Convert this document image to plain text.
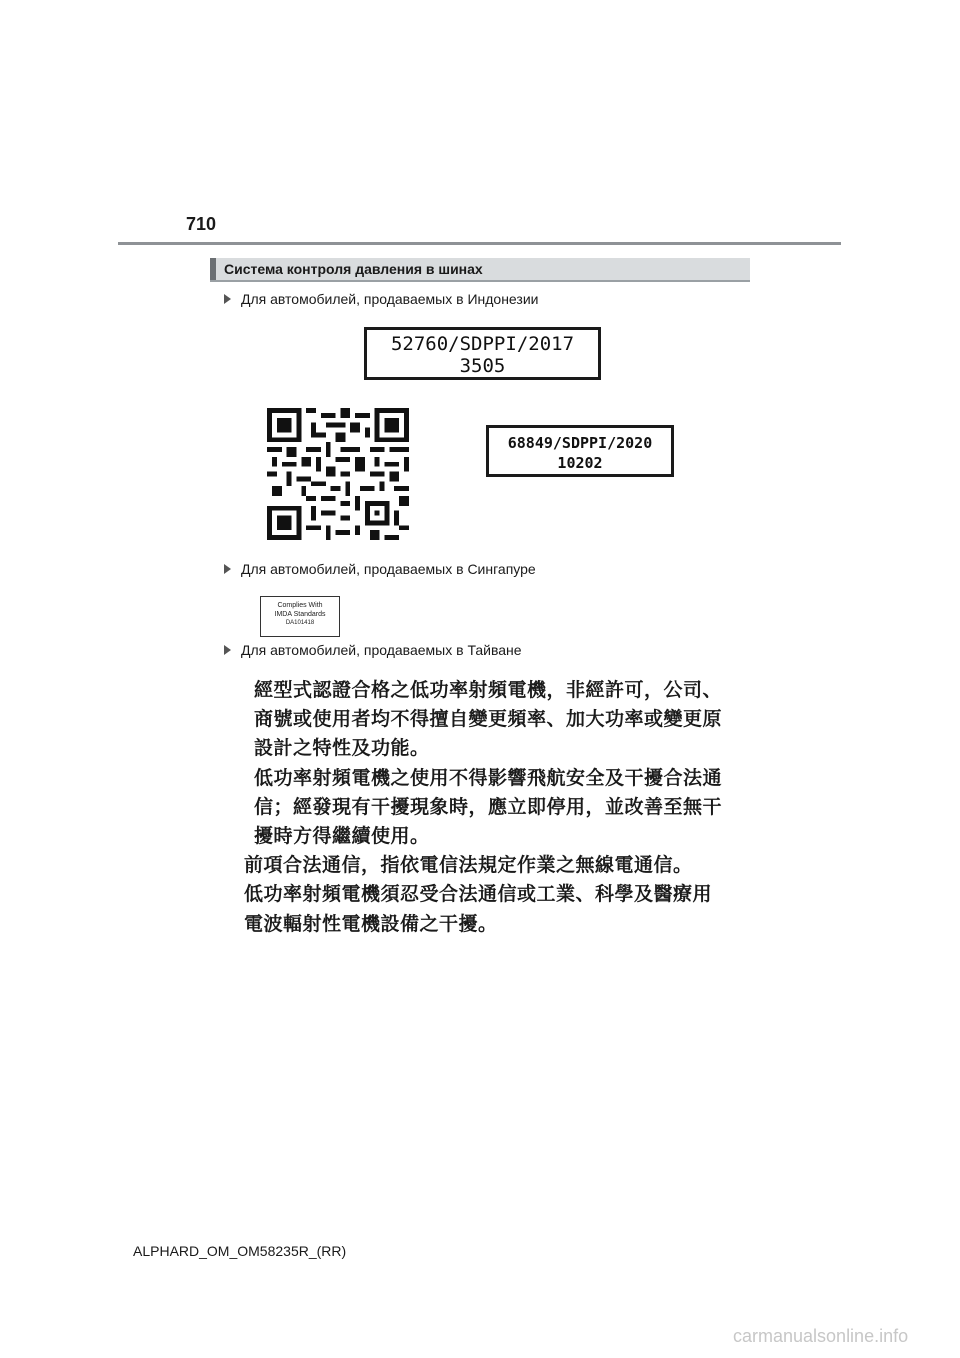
710
Система контроля давления в шинах
Для автомобилей, продаваемых в Индонезии
52760/SDPPI/2017
3505
68849/SDPPI/2020
10202
Для автомобилей, продаваемых в Сингапуре
Complies With
IMDA Standards
DA101418
Для автомобилей, продаваемых в Тайване

經型式認證合格之低功率射頻電機，非經許可，公司、商號或使用者均不得擅自變更頻率、加大功率或變更原設計之特性及功能。

低功率射頻電機之使用不得影響飛航安全及干擾合法通信；經發現有干擾現象時，應立即停用，並改善至無干擾時方得繼續使用。

前項合法通信，指依電信法規定作業之無線電通信。

低功率射頻電機須忍受合法通信或工業、科學及醫療用電波輻射性電機設備之干擾。

ALPHARD_OM_OM58235R_(RR)
carmanualsonline.info
